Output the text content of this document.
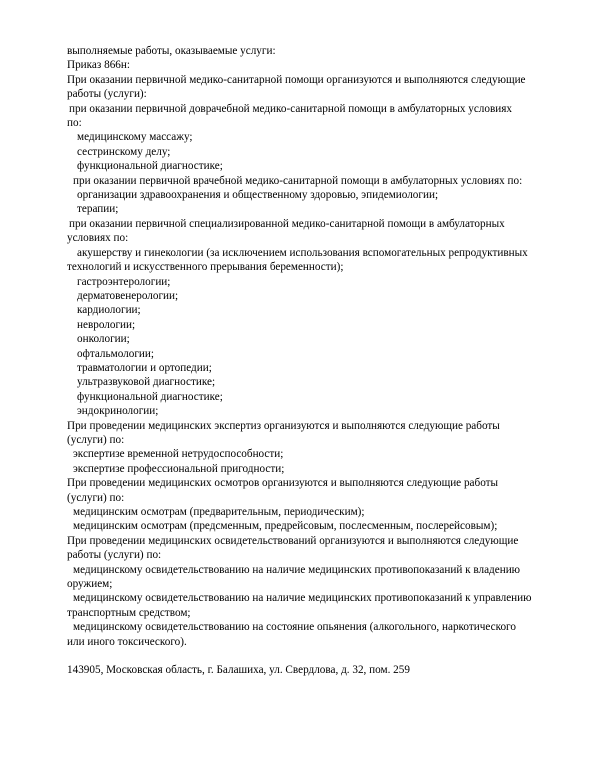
выполняемые работы, оказываемые услуги:

Приказ 866н:

При оказании первичной медико-санитарной помощи организуются и выполняются следующие

работы (услуги):

при оказании первичной доврачебной медико-санитарной помощи в амбулаторных условиях

по:

медицинскому массажу;

сестринскому делу;

функциональной диагностике;

при оказании первичной врачебной медико-санитарной помощи в амбулаторных условиях по:

организации здравоохранения и общественному здоровью, эпидемиологии;

терапии;

при оказании первичной специализированной медико-санитарной помощи в амбулаторных

условиях по:

акушерству и гинекологии (за исключением использования вспомогательных репродуктивных

технологий и искусственного прерывания беременности);

гастроэнтерологии;

дерматовенерологии;

кардиологии;

неврологии;

онкологии;

офтальмологии;

травматологии и ортопедии;

ультразвуковой диагностике;

функциональной диагностике;

эндокринологии;

При проведении медицинских экспертиз организуются и выполняются следующие работы

(услуги) по:

экспертизе временной нетрудоспособности;

экспертизе профессиональной пригодности;

При проведении медицинских осмотров организуются и выполняются следующие работы

(услуги) по:

медицинским осмотрам (предварительным, периодическим);

медицинским осмотрам (предсменным, предрейсовым, послесменным, послерейсовым);

При проведении медицинских освидетельствований организуются и выполняются следующие

работы (услуги) по:

медицинскому освидетельствованию на наличие медицинских противопоказаний к владению

оружием;

медицинскому освидетельствованию на наличие медицинских противопоказаний к управлению

транспортным средством;

медицинскому освидетельствованию на состояние опьянения (алкогольного, наркотического

или иного токсического).

143905, Московская область, г. Балашиха, ул. Свердлова, д. 32, пом. 259
